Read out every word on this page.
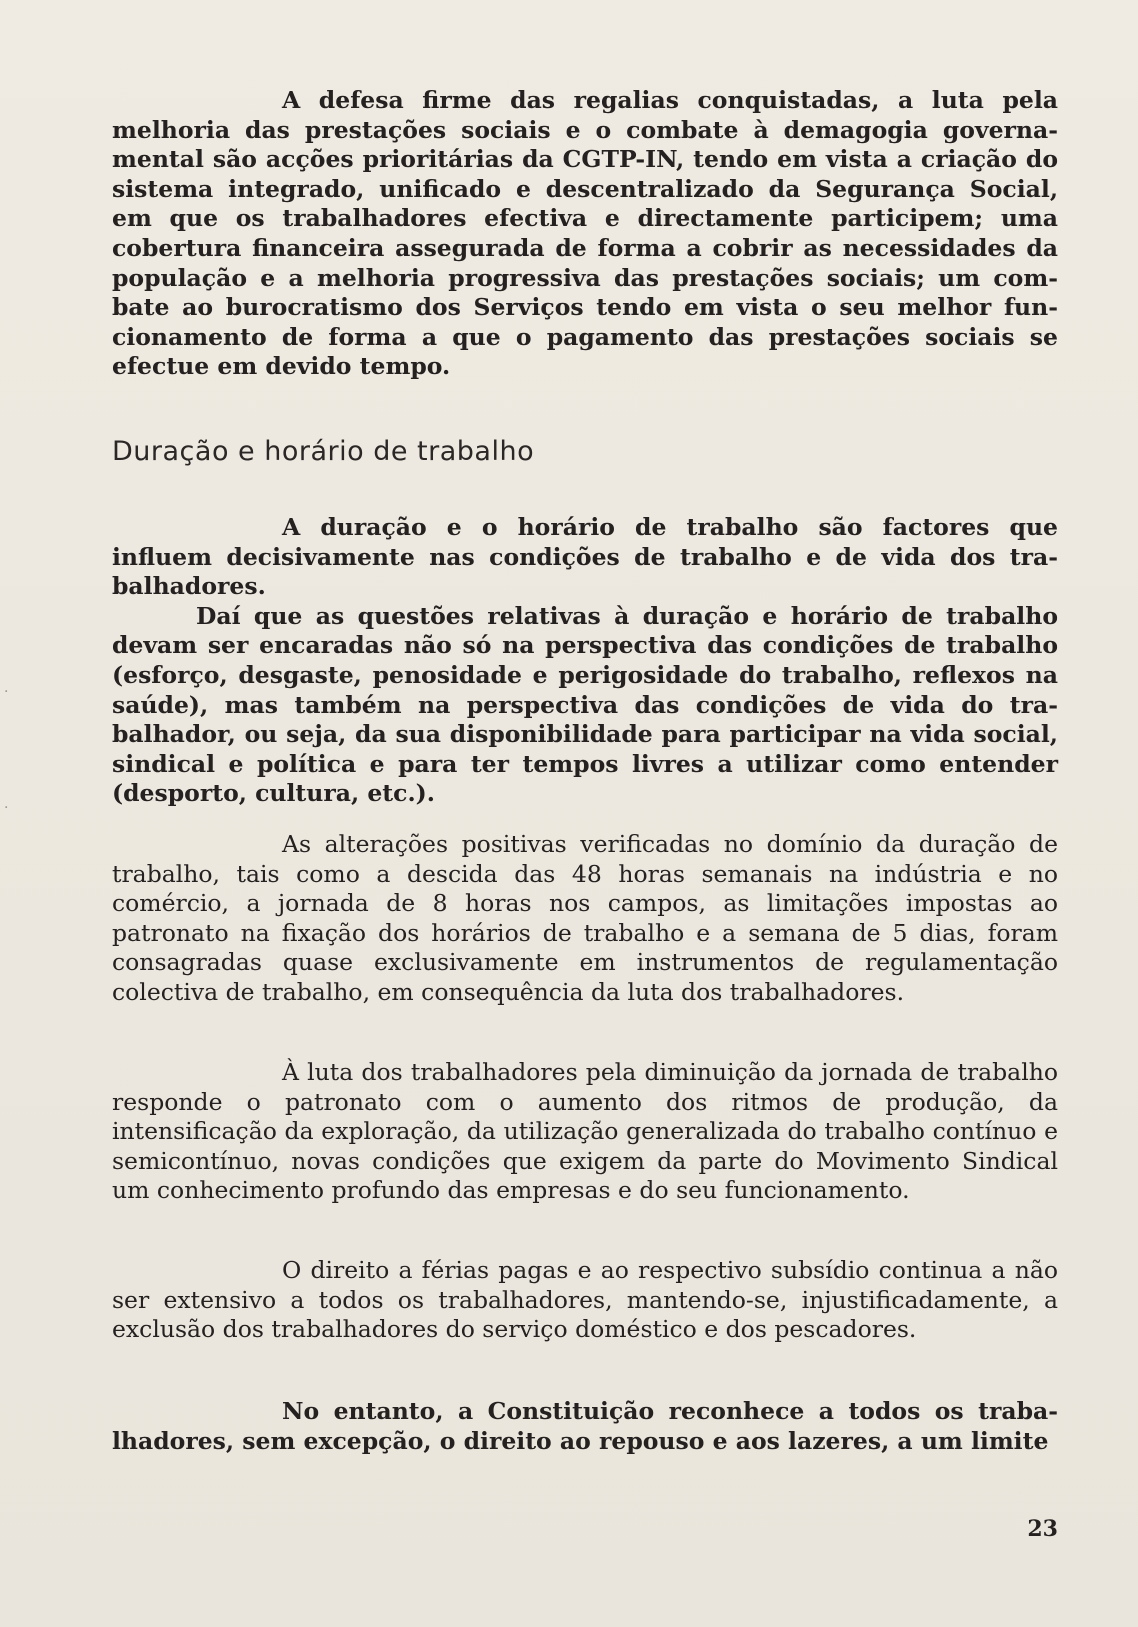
A defesa firme das regalias conquistadas, a luta pela melhoria das prestações sociais e o combate à demagogia governamental são acções prioritárias da CGTP-IN, tendo em vista a criação do sistema integrado, unificado e descentralizado da Segurança Social, em que os trabalhadores efectiva e directamente participem; uma cobertura financeira assegurada de forma a cobrir as necessidades da população e a melhoria progressiva das prestações sociais; um combate ao burocratismo dos Serviços tendo em vista o seu melhor funcionamento de forma a que o pagamento das prestações sociais se efectue em devido tempo.

Duração e horário de trabalho

A duração e o horário de trabalho são factores que influem decisivamente nas condições de trabalho e de vida dos trabalhadores.

Daí que as questões relativas à duração e horário de trabalho devam ser encaradas não só na perspectiva das condições de trabalho (esforço, desgaste, penosidade e perigosidade do trabalho, reflexos na saúde), mas também na perspectiva das condições de vida do trabalhador, ou seja, da sua disponibilidade para participar na vida social, sindical e política e para ter tempos livres a utilizar como entender (desporto, cultura, etc.).

As alterações positivas verificadas no domínio da duração de trabalho, tais como a descida das 48 horas semanais na indústria e no comércio, a jornada de 8 horas nos campos, as limitações impostas ao patronato na fixação dos horários de trabalho e a semana de 5 dias, foram consagradas quase exclusivamente em instrumentos de regulamentação colectiva de trabalho, em consequência da luta dos trabalhadores.

À luta dos trabalhadores pela diminuição da jornada de trabalho responde o patronato com o aumento dos ritmos de produção, da intensificação da exploração, da utilização generalizada do trabalho contínuo e semicontínuo, novas condições que exigem da parte do Movimento Sindical um conhecimento profundo das empresas e do seu funcionamento.

O direito a férias pagas e ao respectivo subsídio continua a não ser extensivo a todos os trabalhadores, mantendo-se, injustificadamente, a exclusão dos trabalhadores do serviço doméstico e dos pescadores.

No entanto, a Constituição reconhece a todos os trabalhadores, sem excepção, o direito ao repouso e aos lazeres, a um limite

23
·
·
